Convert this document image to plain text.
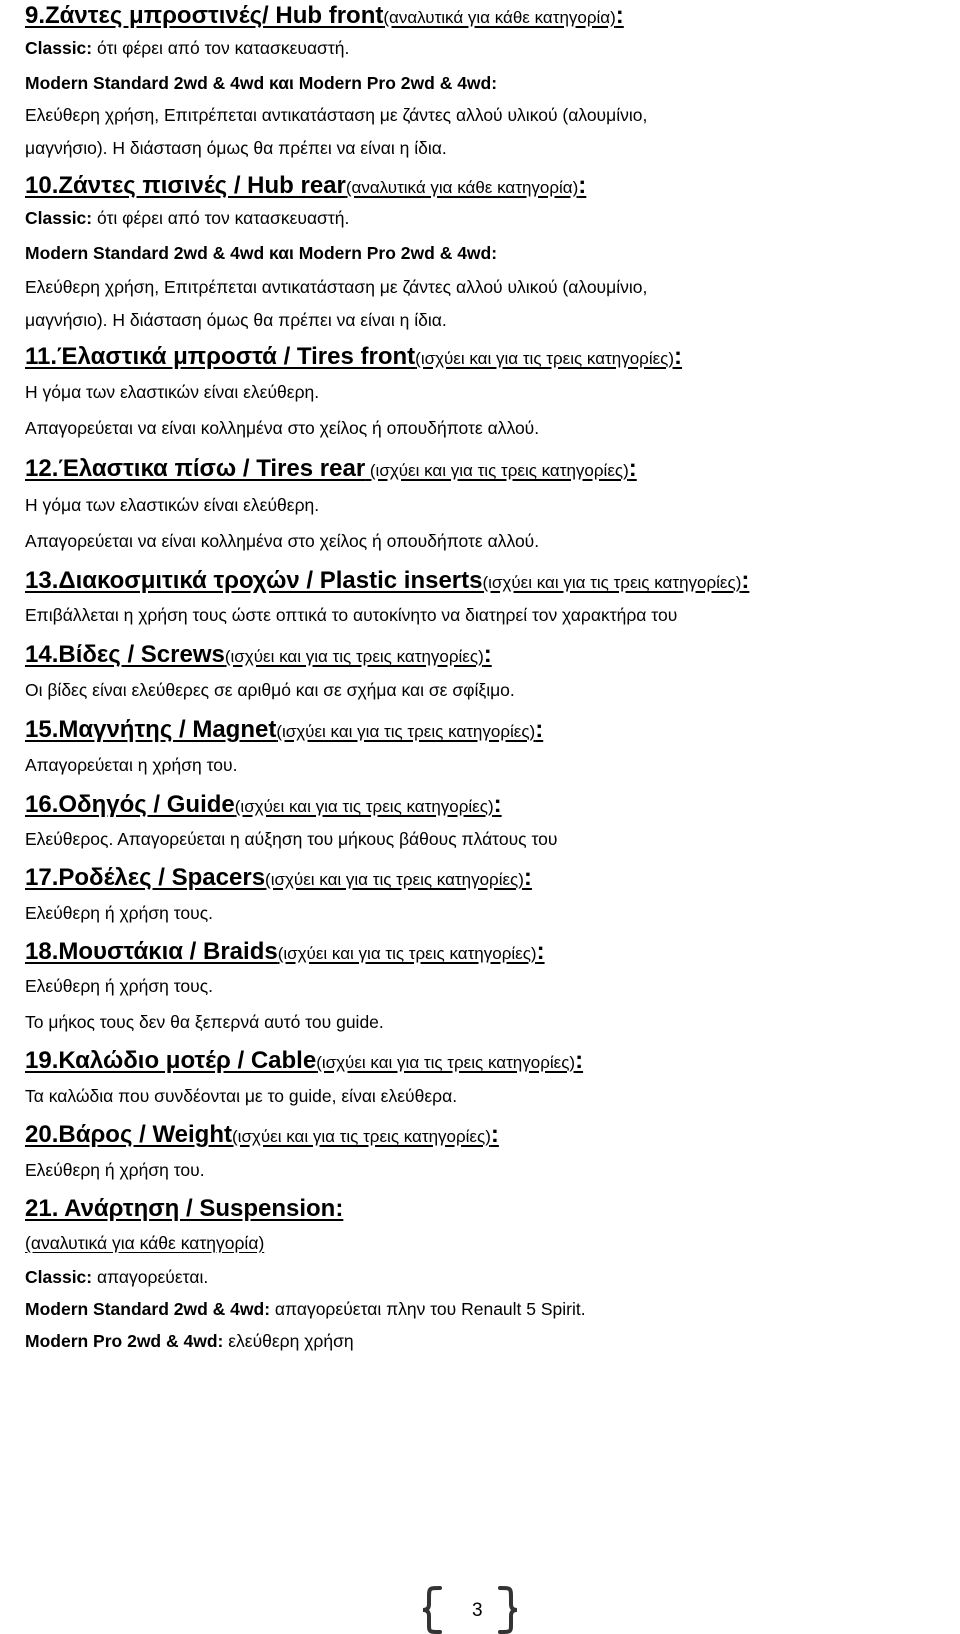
9.Ζάντες μπροστινές/ Hub front(αναλυτικά για κάθε κατηγορία):
Classic: ότι φέρει από τον κατασκευαστή.
Modern Standard 2wd & 4wd και Modern Pro 2wd & 4wd:
Ελεύθερη χρήση, Επιτρέπεται αντικατάσταση με ζάντες αλλού υλικού (αλουμίνιο,
μαγνήσιο). Η διάσταση όμως θα πρέπει να είναι η ίδια.
10.Ζάντες πισινές / Hub rear(αναλυτικά για κάθε κατηγορία):
Classic: ότι φέρει από τον κατασκευαστή.
Modern Standard 2wd & 4wd και Modern Pro 2wd & 4wd:
Ελεύθερη χρήση, Επιτρέπεται αντικατάσταση με ζάντες αλλού υλικού (αλουμίνιο,
μαγνήσιο). Η διάσταση όμως θα πρέπει να είναι η ίδια.
11.Έλαστικά μπροστά / Tires front(ισχύει και για τις τρεις κατηγορίες):
Η γόμα των ελαστικών είναι ελεύθερη.
Απαγορεύεται να είναι κολλημένα στο χείλος ή οπουδήποτε αλλού.
12.Έλαστικα πίσω / Tires rear (ισχύει και για τις τρεις κατηγορίες):
Η γόμα των ελαστικών είναι ελεύθερη.
Απαγορεύεται να είναι κολλημένα στο χείλος ή οπουδήποτε αλλού.
13.Διακοσμιτικά τροχών / Plastic inserts(ισχύει και για τις τρεις κατηγορίες):
Επιβάλλεται η χρήση τους ώστε οπτικά το αυτοκίνητο να διατηρεί τον χαρακτήρα του
14.Βίδες / Screws(ισχύει και για τις τρεις κατηγορίες):
Οι βίδες είναι ελεύθερες σε αριθμό και σε σχήμα και σε σφίξιμο.
15.Μαγνήτης / Magnet(ισχύει και για τις τρεις κατηγορίες):
Απαγορεύεται η χρήση του.
16.Οδηγός / Guide(ισχύει και για τις τρεις κατηγορίες):
Ελεύθερος. Απαγορεύεται η αύξηση του μήκους βάθους πλάτους του
17.Ροδέλες / Spacers(ισχύει και για τις τρεις κατηγορίες):
Ελεύθερη ή χρήση τους.
18.Μουστάκια / Braids(ισχύει και για τις τρεις κατηγορίες):
Ελεύθερη ή χρήση τους.
Το μήκος τους δεν θα ξεπερνά αυτό του guide.
19.Καλώδιο μοτέρ / Cable(ισχύει και για τις τρεις κατηγορίες):
Τα καλώδια που συνδέονται με το guide, είναι ελεύθερα.
20.Βάρος / Weight(ισχύει και για τις τρεις κατηγορίες):
Ελεύθερη ή χρήση του.
21. Ανάρτηση / Suspension:
(αναλυτικά για κάθε κατηγορία)
Classic: απαγορεύεται.
Modern Standard 2wd & 4wd: απαγορεύεται πλην του Renault 5 Spirit.
Modern Pro 2wd & 4wd: ελεύθερη χρήση
3
